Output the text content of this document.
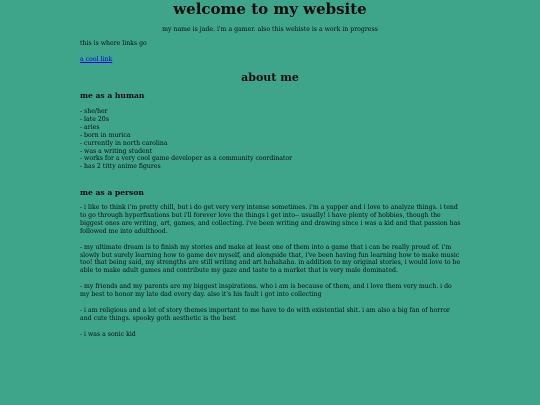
welcome to my website

my name is jade. i'm a gamer. also this webiste is a work in progress

this is where links go

a cool link
about me
me as a human
- she/her
- late 20s
- aries
- born in murica
- currently in north carolina
- was a writing student
- works for a very cool game developer as a community coordinator
- has 2 titty anime figures
me as a person

- i like to think i'm pretty chill, but i do get very very intense sometimes. i'm a yapper and i love to analyze things. i tend to go through hyperfixations but i'll forever love the things i get into-- usually! i have plenty of hobbies, though the biggest ones are writing, art, games, and collecting. i've been writing and drawing since i was a kid and that passion has followed me into adulthood.

- my ultimate dream is to finish my stories and make at least one of them into a game that i can be really proud of. i'm slowly but surely learning how to game dev myself, and alongside that, i've been having fun learning how to make music too! that being said, my strengths are still writing and art hahahaha. in addition to my original stories, i would love to be able to make adult games and contribute my gaze and taste to a market that is very male dominated.

- my friends and my parents are my biggest inspirations. who i am is because of them, and i love them very much. i do my best to honor my late dad every day. also it's his fault i got into collecting

- i am religious and a lot of story themes important to me have to do with existential shit. i am also a big fan of horror and cute things. spooky goth aesthetic is the best

- i was a sonic kid
